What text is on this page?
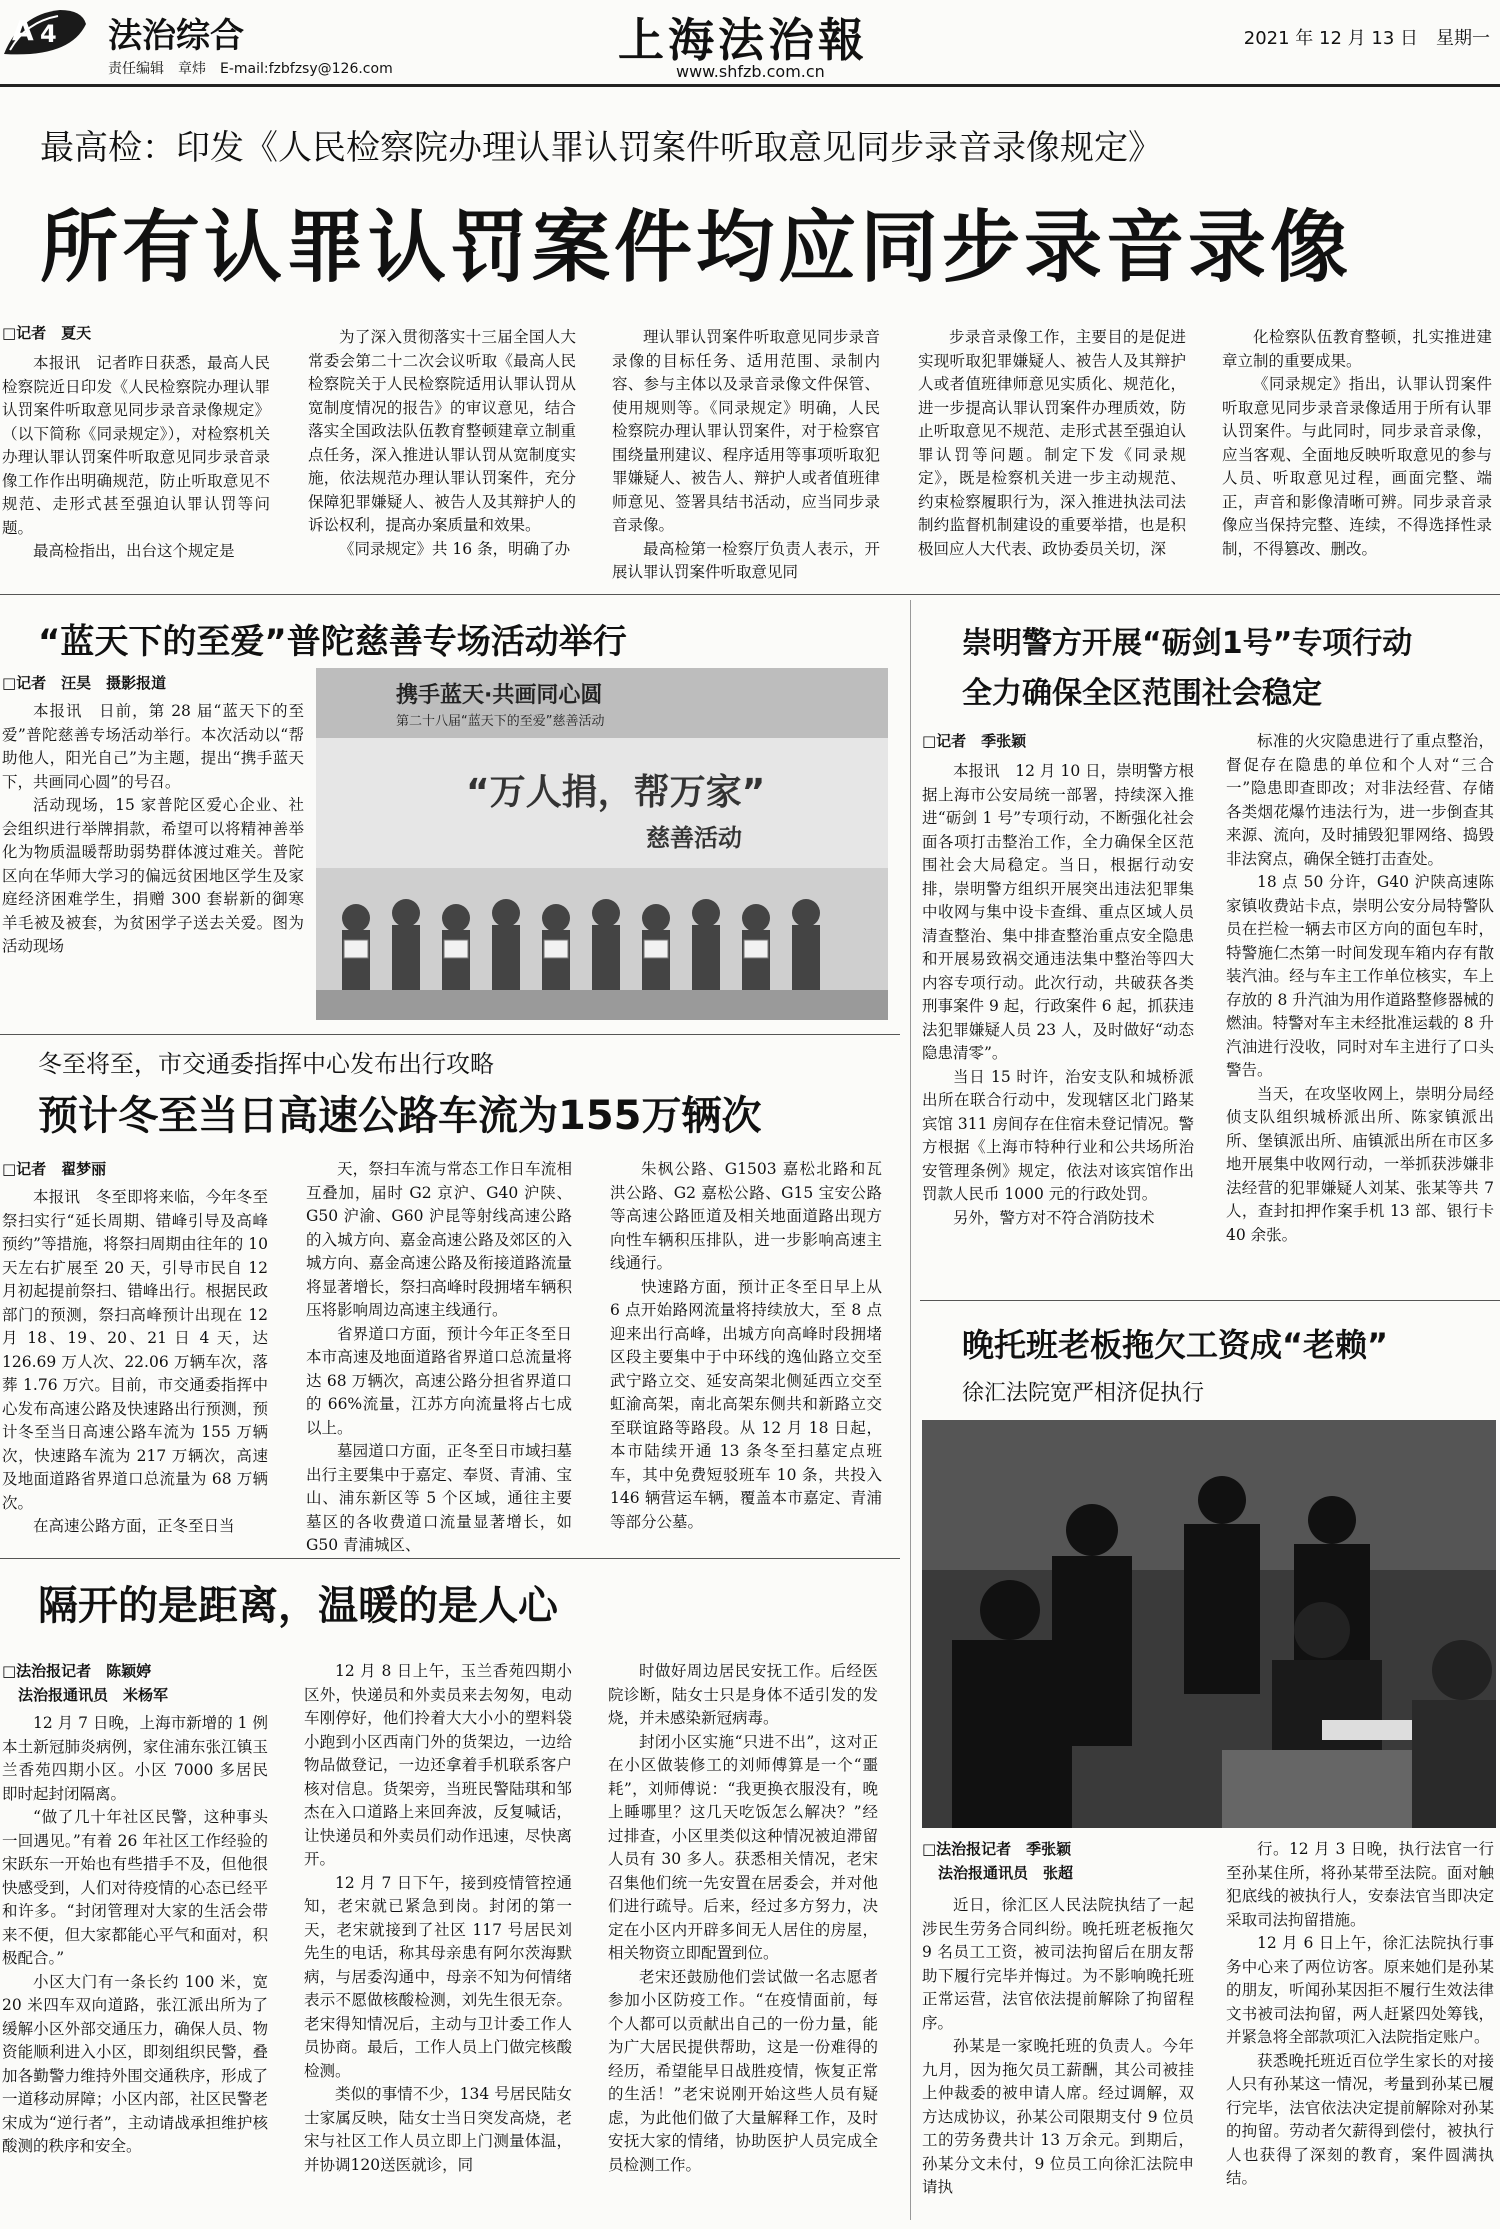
A 4 法治综合
责任编辑　章炜　E-mail:fzbfzsy@126.com
上海法治報
www.shfzb.com.cn
2021 年 12 月 13 日　星期一
最高检：印发《人民检察院办理认罪认罚案件听取意见同步录音录像规定》
所有认罪认罚案件均应同步录音录像
□记者　夏天

本报讯　记者昨日获悉，最高人民检察院近日印发《人民检察院办理认罪认罚案件听取意见同步录音录像规定》（以下简称《同录规定》），对检察机关办理认罪认罚案件听取意见同步录音录像工作作出明确规范，防止听取意见不规范、走形式甚至强迫认罪认罚等问题。

最高检指出，出台这个规定是

为了深入贯彻落实十三届全国人大常委会第二十二次会议听取《最高人民检察院关于人民检察院适用认罪认罚从宽制度情况的报告》的审议意见，结合落实全国政法队伍教育整顿建章立制重点任务，深入推进认罪认罚从宽制度实施，依法规范办理认罪认罚案件，充分保障犯罪嫌疑人、被告人及其辩护人的诉讼权利，提高办案质量和效果。

《同录规定》共 16 条，明确了办

理认罪认罚案件听取意见同步录音录像的目标任务、适用范围、录制内容、参与主体以及录音录像文件保管、使用规则等。《同录规定》明确，人民检察院办理认罪认罚案件，对于检察官围绕量刑建议、程序适用等事项听取犯罪嫌疑人、被告人、辩护人或者值班律师意见、签署具结书活动，应当同步录音录像。

最高检第一检察厅负责人表示，开展认罪认罚案件听取意见同

步录音录像工作，主要目的是促进实现听取犯罪嫌疑人、被告人及其辩护人或者值班律师意见实质化、规范化，进一步提高认罪认罚案件办理质效，防止听取意见不规范、走形式甚至强迫认罪认罚等问题。制定下发《同录规定》，既是检察机关进一步主动规范、约束检察履职行为，深入推进执法司法制约监督机制建设的重要举措，也是积极回应人大代表、政协委员关切，深

化检察队伍教育整顿，扎实推进建章立制的重要成果。

《同录规定》指出，认罪认罚案件听取意见同步录音录像适用于所有认罪认罚案件。与此同时，同步录音录像，应当客观、全面地反映听取意见的参与人员、听取意见过程，画面完整、端正，声音和影像清晰可辨。同步录音录像应当保持完整、连续，不得选择性录制，不得篡改、删改。

“蓝天下的至爱”普陀慈善专场活动举行
□记者　汪昊　摄影报道

本报讯　日前，第 28 届“蓝天下的至爱”普陀慈善专场活动举行。本次活动以“帮助他人，阳光自己”为主题，提出“携手蓝天下，共画同心圆”的号召。

活动现场，15 家普陀区爱心企业、社会组织进行举牌捐款，希望可以将精神善举化为物质温暖帮助弱势群体渡过难关。普陀区向在华师大学习的偏远贫困地区学生及家庭经济困难学生，捐赠 300 套崭新的御寒羊毛被及被套，为贫困学子送去关爱。图为活动现场

携手蓝天·共画同心圆
第二十八届“蓝天下的至爱”慈善活动
“万人捐，帮万家”
慈善活动
冬至将至，市交通委指挥中心发布出行攻略
预计冬至当日高速公路车流为155万辆次
□记者　翟梦丽

本报讯　冬至即将来临，今年冬至祭扫实行“延长周期、错峰引导及高峰预约”等措施，将祭扫周期由往年的 10 天左右扩展至 20 天，引导市民自 12 月初起提前祭扫、错峰出行。根据民政部门的预测，祭扫高峰预计出现在 12 月 18、19、20、21 日 4 天，达 126.69 万人次、22.06 万辆车次，落葬 1.76 万穴。目前，市交通委指挥中心发布高速公路及快速路出行预测，预计冬至当日高速公路车流为 155 万辆次，快速路车流为 217 万辆次，高速及地面道路省界道口总流量为 68 万辆次。

在高速公路方面，正冬至日当

天，祭扫车流与常态工作日车流相互叠加，届时 G2 京沪、G40 沪陕、G50 沪渝、G60 沪昆等射线高速公路的入城方向、嘉金高速公路及郊区的入城方向、嘉金高速公路及衔接道路流量将显著增长，祭扫高峰时段拥堵车辆积压将影响周边高速主线通行。

省界道口方面，预计今年正冬至日本市高速及地面道路省界道口总流量将达 68 万辆次，高速公路分担省界道口的 66%流量，江苏方向流量将占七成以上。

墓园道口方面，正冬至日市域扫墓出行主要集中于嘉定、奉贤、青浦、宝山、浦东新区等 5 个区域，通往主要墓区的各收费道口流量显著增长，如 G50 青浦城区、

朱枫公路、G1503 嘉松北路和瓦洪公路、G2 嘉松公路、G15 宝安公路等高速公路匝道及相关地面道路出现方向性车辆积压排队，进一步影响高速主线通行。

快速路方面，预计正冬至日早上从 6 点开始路网流量将持续放大，至 8 点迎来出行高峰，出城方向高峰时段拥堵区段主要集中于中环线的逸仙路立交至武宁路立交、延安高架北侧延西立交至虹渝高架，南北高架东侧共和新路立交至联谊路等路段。从 12 月 18 日起，本市陆续开通 13 条冬至扫墓定点班车，其中免费短驳班车 10 条，共投入 146 辆营运车辆，覆盖本市嘉定、青浦等部分公墓。

隔开的是距离，温暖的是人心
□法治报记者　陈颖婷
法治报通讯员　米杨军

12 月 7 日晚，上海市新增的 1 例本土新冠肺炎病例，家住浦东张江镇玉兰香苑四期小区。小区 7000 多居民即时起封闭隔离。

“做了几十年社区民警，这种事头一回遇见。”有着 26 年社区工作经验的宋跃东一开始也有些措手不及，但他很快感受到，人们对待疫情的心态已经平和许多。“封闭管理对大家的生活会带来不便，但大家都能心平气和面对，积极配合。”

小区大门有一条长约 100 米，宽 20 米四车双向道路，张江派出所为了缓解小区外部交通压力，确保人员、物资能顺利进入小区，即刻组织民警，叠加各勤警力维持外围交通秩序，形成了一道移动屏障；小区内部，社区民警老宋成为“逆行者”，主动请战承担维护核酸测的秩序和安全。

12 月 8 日上午，玉兰香苑四期小区外，快递员和外卖员来去匆匆，电动车刚停好，他们拎着大大小小的塑料袋小跑到小区西南门外的货架边，一边给物品做登记，一边还拿着手机联系客户核对信息。货架旁，当班民警陆琪和邹杰在入口道路上来回奔波，反复喊话，让快递员和外卖员们动作迅速，尽快离开。

12 月 7 日下午，接到疫情管控通知，老宋就已紧急到岗。封闭的第一天，老宋就接到了社区 117 号居民刘先生的电话，称其母亲患有阿尔茨海默病，与居委沟通中，母亲不知为何情绪表示不愿做核酸检测，刘先生很无奈。老宋得知情况后，主动与卫计委工作人员协商。最后，工作人员上门做完核酸检测。

类似的事情不少，134 号居民陆女士家属反映，陆女士当日突发高烧，老宋与社区工作人员立即上门测量体温，并协调120送医就诊，同

时做好周边居民安抚工作。后经医院诊断，陆女士只是身体不适引发的发烧，并未感染新冠病毒。

封闭小区实施“只进不出”，这对正在小区做装修工的刘师傅算是一个“噩耗”，刘师傅说：“我更换衣服没有，晚上睡哪里？这几天吃饭怎么解决？”经过排查，小区里类似这种情况被迫滞留人员有 30 多人。获悉相关情况，老宋召集他们统一先安置在居委会，并对他们进行疏导。后来，经过多方努力，决定在小区内开辟多间无人居住的房屋，相关物资立即配置到位。

老宋还鼓励他们尝试做一名志愿者参加小区防疫工作。“在疫情面前，每个人都可以贡献出自己的一份力量，能为广大居民提供帮助，这是一份难得的经历，希望能早日战胜疫情，恢复正常的生活！”老宋说刚开始这些人员有疑虑，为此他们做了大量解释工作，及时安抚大家的情绪，协助医护人员完成全员检测工作。

崇明警方开展“砺剑1号”专项行动
全力确保全区范围社会稳定
□记者　季张颖

本报讯　12 月 10 日，崇明警方根据上海市公安局统一部署，持续深入推进“砺剑 1 号”专项行动，不断强化社会面各项打击整治工作，全力确保全区范围社会大局稳定。当日，根据行动安排，崇明警方组织开展突出违法犯罪集中收网与集中设卡查缉、重点区域人员清查整治、集中排查整治重点安全隐患和开展易致祸交通违法集中整治等四大内容专项行动。此次行动，共破获各类刑事案件 9 起，行政案件 6 起，抓获违法犯罪嫌疑人员 23 人，及时做好“动态隐患清零”。

当日 15 时许，治安支队和城桥派出所在联合行动中，发现辖区北门路某宾馆 311 房间存在住宿未登记情况。警方根据《上海市特种行业和公共场所治安管理条例》规定，依法对该宾馆作出罚款人民币 1000 元的行政处罚。

另外，警方对不符合消防技术

标准的火灾隐患进行了重点整治，督促存在隐患的单位和个人对“三合一”隐患即查即改；对非法经营、存储各类烟花爆竹违法行为，进一步倒查其来源、流向，及时捕毁犯罪网络、捣毁非法窝点，确保全链打击查处。

18 点 50 分许，G40 沪陕高速陈家镇收费站卡点，崇明公安分局特警队员在拦检一辆去市区方向的面包车时，特警施仁杰第一时间发现车箱内存有散装汽油。经与车主工作单位核实，车上存放的 8 升汽油为用作道路整修器械的燃油。特警对车主未经批准运载的 8 升汽油进行没收，同时对车主进行了口头警告。

当天，在攻坚收网上，崇明分局经侦支队组织城桥派出所、陈家镇派出所、堡镇派出所、庙镇派出所在市区多地开展集中收网行动，一举抓获涉嫌非法经营的犯罪嫌疑人刘某、张某等共 7 人，查封扣押作案手机 13 部、银行卡 40 余张。

晚托班老板拖欠工资成“老赖”
徐汇法院宽严相济促执行
□法治报记者　季张颖
法治报通讯员　张超

近日，徐汇区人民法院执结了一起涉民生劳务合同纠纷。晚托班老板拖欠 9 名员工工资，被司法拘留后在朋友帮助下履行完毕并悔过。为不影响晚托班正常运营，法官依法提前解除了拘留程序。

孙某是一家晚托班的负责人。今年九月，因为拖欠员工薪酬，其公司被挂上仲裁委的被申请人席。经过调解，双方达成协议，孙某公司限期支付 9 位员工的劳务费共计 13 万余元。到期后，孙某分文未付，9 位员工向徐汇法院申请执

行。12 月 3 日晚，执行法官一行至孙某住所，将孙某带至法院。面对触犯底线的被执行人，安泰法官当即决定采取司法拘留措施。

12 月 6 日上午，徐汇法院执行事务中心来了两位访客。原来她们是孙某的朋友，听闻孙某因拒不履行生效法律文书被司法拘留，两人赶紧四处筹钱，并紧急将全部款项汇入法院指定账户。

获悉晚托班近百位学生家长的对接人只有孙某这一情况，考量到孙某已履行完毕，法官依法决定提前解除对孙某的拘留。劳动者欠薪得到偿付，被执行人也获得了深刻的教育，案件圆满执结。
